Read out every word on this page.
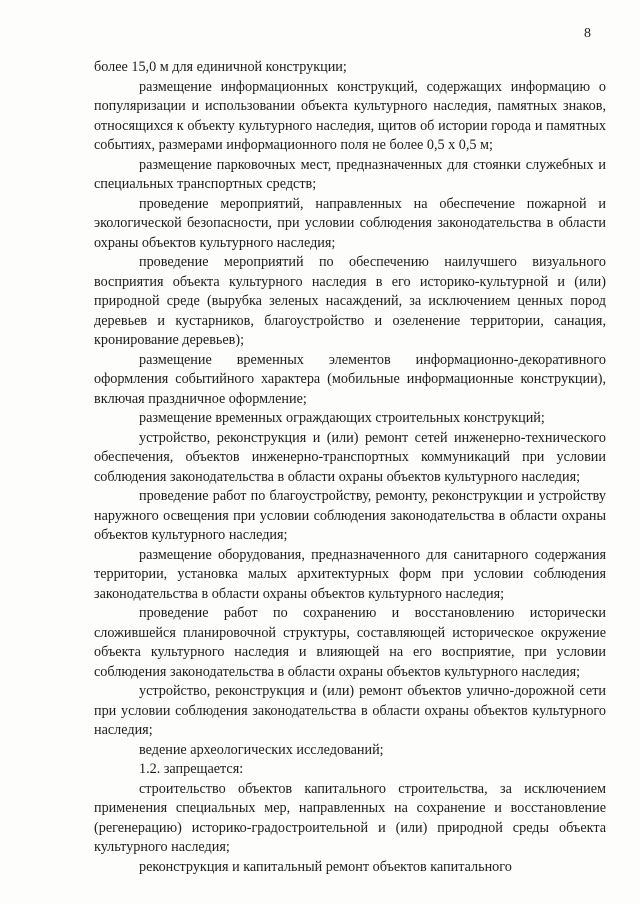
8

более 15,0 м для единичной конструкции;

размещение информационных конструкций, содержащих информацию о популяризации и использовании объекта культурного наследия, памятных знаков, относящихся к объекту культурного наследия, щитов об истории города и памятных событиях, размерами информационного поля не более 0,5 х 0,5 м;

размещение парковочных мест, предназначенных для стоянки служебных и специальных транспортных средств;

проведение мероприятий, направленных на обеспечение пожарной и экологической безопасности, при условии соблюдения законодательства в области охраны объектов культурного наследия;

проведение мероприятий по обеспечению наилучшего визуального восприятия объекта культурного наследия в его историко-культурной и (или) природной среде (вырубка зеленых насаждений, за исключением ценных пород деревьев и кустарников, благоустройство и озеленение территории, санация, кронирование деревьев);

размещение временных элементов информационно-декоративного оформления событийного характера (мобильные информационные конструкции), включая праздничное оформление;

размещение временных ограждающих строительных конструкций;

устройство, реконструкция и (или) ремонт сетей инженерно-технического обеспечения, объектов инженерно-транспортных коммуникаций при условии соблюдения законодательства в области охраны объектов культурного наследия;

проведение работ по благоустройству, ремонту, реконструкции и устройству наружного освещения при условии соблюдения законодательства в области охраны объектов культурного наследия;

размещение оборудования, предназначенного для санитарного содержания территории, установка малых архитектурных форм при условии соблюдения законодательства в области охраны объектов культурного наследия;

проведение работ по сохранению и восстановлению исторически сложившейся планировочной структуры, составляющей историческое окружение объекта культурного наследия и влияющей на его восприятие, при условии соблюдения законодательства в области охраны объектов культурного наследия;

устройство, реконструкция и (или) ремонт объектов улично-дорожной сети при условии соблюдения законодательства в области охраны объектов культурного наследия;

ведение археологических исследований;

1.2. запрещается:

строительство объектов капитального строительства, за исключением применения специальных мер, направленных на сохранение и восстановление (регенерацию) историко-градостроительной и (или) природной среды объекта культурного наследия;

реконструкция и капитальный ремонт объектов капитального
